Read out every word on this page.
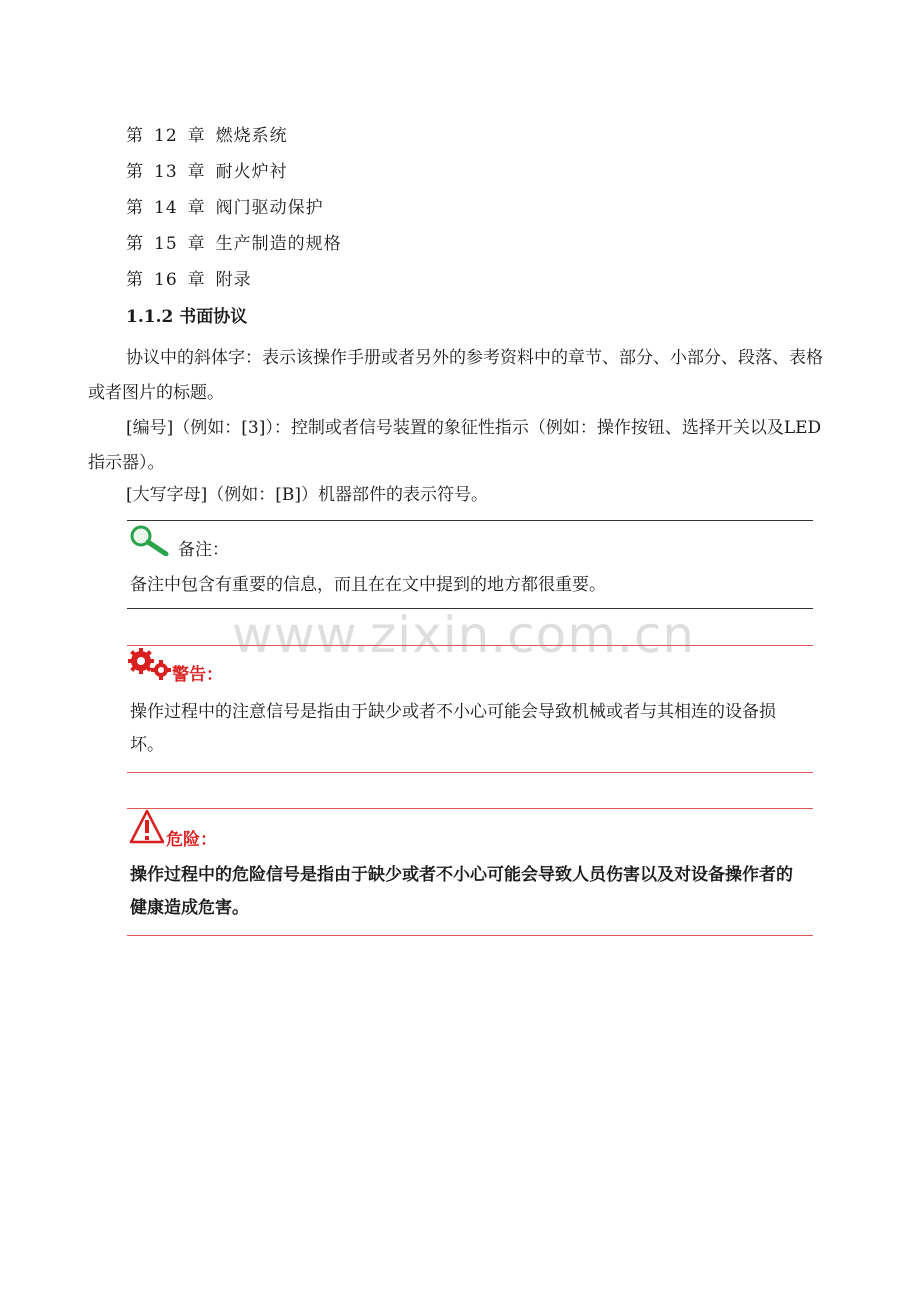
第 12 章 燃烧系统
第 13 章 耐火炉衬
第 14 章 阀门驱动保护
第 15 章 生产制造的规格
第 16 章 附录
1.1.2 书面协议
协议中的斜体字：表示该操作手册或者另外的参考资料中的章节、部分、小部分、段落、表格或者图片的标题。
[编号]（例如：[3]）：控制或者信号装置的象征性指示（例如：操作按钮、选择开关以及LED指示器）。
[大写字母]（例如：[B]）机器部件的表示符号。
备注：
备注中包含有重要的信息，而且在在文中提到的地方都很重要。
www.zixin.com.cn
警告：
操作过程中的注意信号是指由于缺少或者不小心可能会导致机械或者与其相连的设备损坏。
危险：
操作过程中的危险信号是指由于缺少或者不小心可能会导致人员伤害以及对设备操作者的健康造成危害。
